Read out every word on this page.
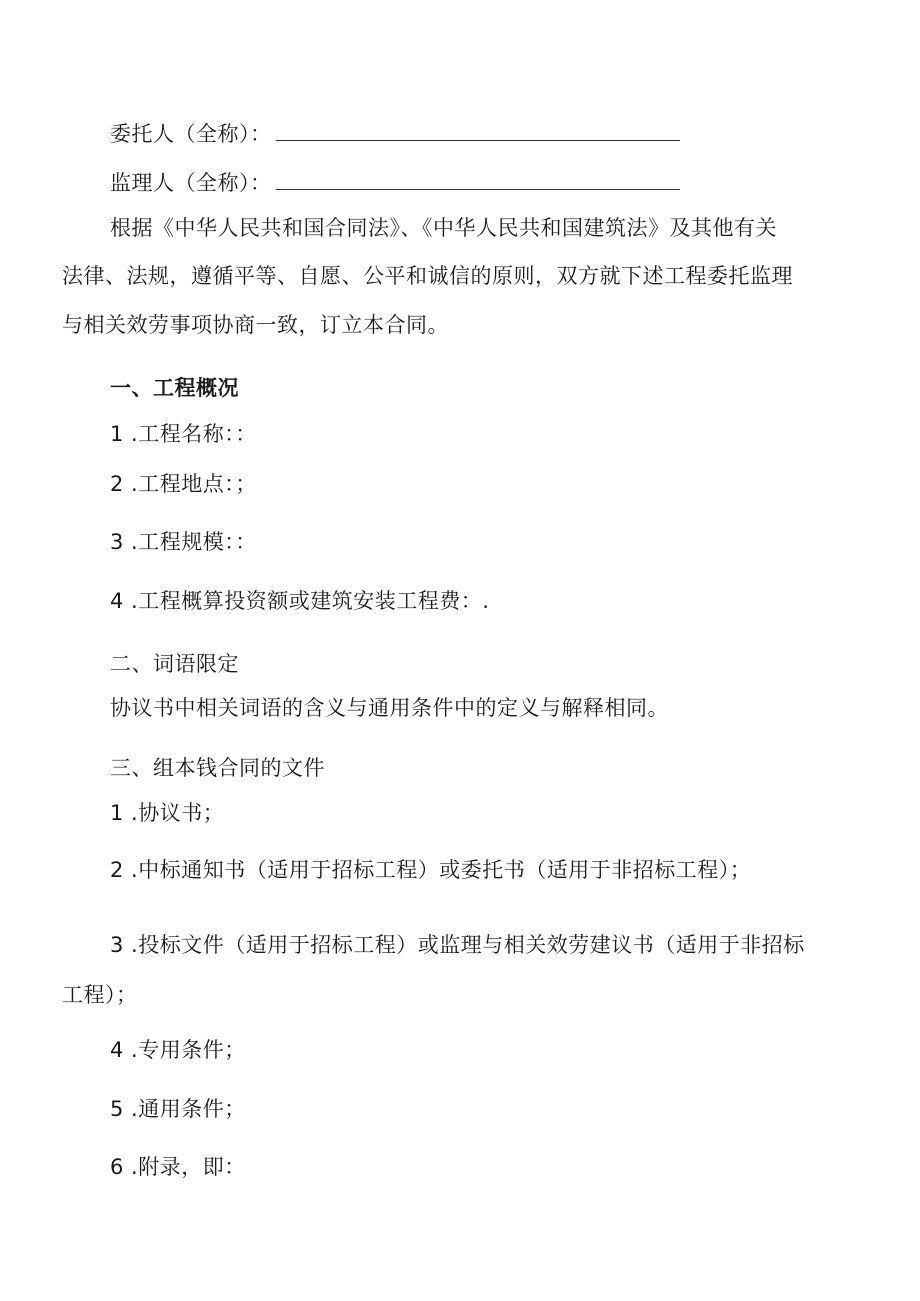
委托人（全称）：
监理人（全称）：
根据《中华人民共和国合同法》、《中华人民共和国建筑法》及其他有关
法律、法规，遵循平等、自愿、公平和诚信的原则，双方就下述工程委托监理
与相关效劳事项协商一致，订立本合同。
一、工程概况
1 .工程名称：：
2 .工程地点：；
3 .工程规模：：
4 .工程概算投资额或建筑安装工程费：.
二、词语限定
协议书中相关词语的含义与通用条件中的定义与解释相同。
三、组本钱合同的文件
1 .协议书；
2 .中标通知书（适用于招标工程）或委托书（适用于非招标工程）；
3 .投标文件（适用于招标工程）或监理与相关效劳建议书（适用于非招标
工程）；
4 .专用条件；
5 .通用条件；
6 .附录，即：
